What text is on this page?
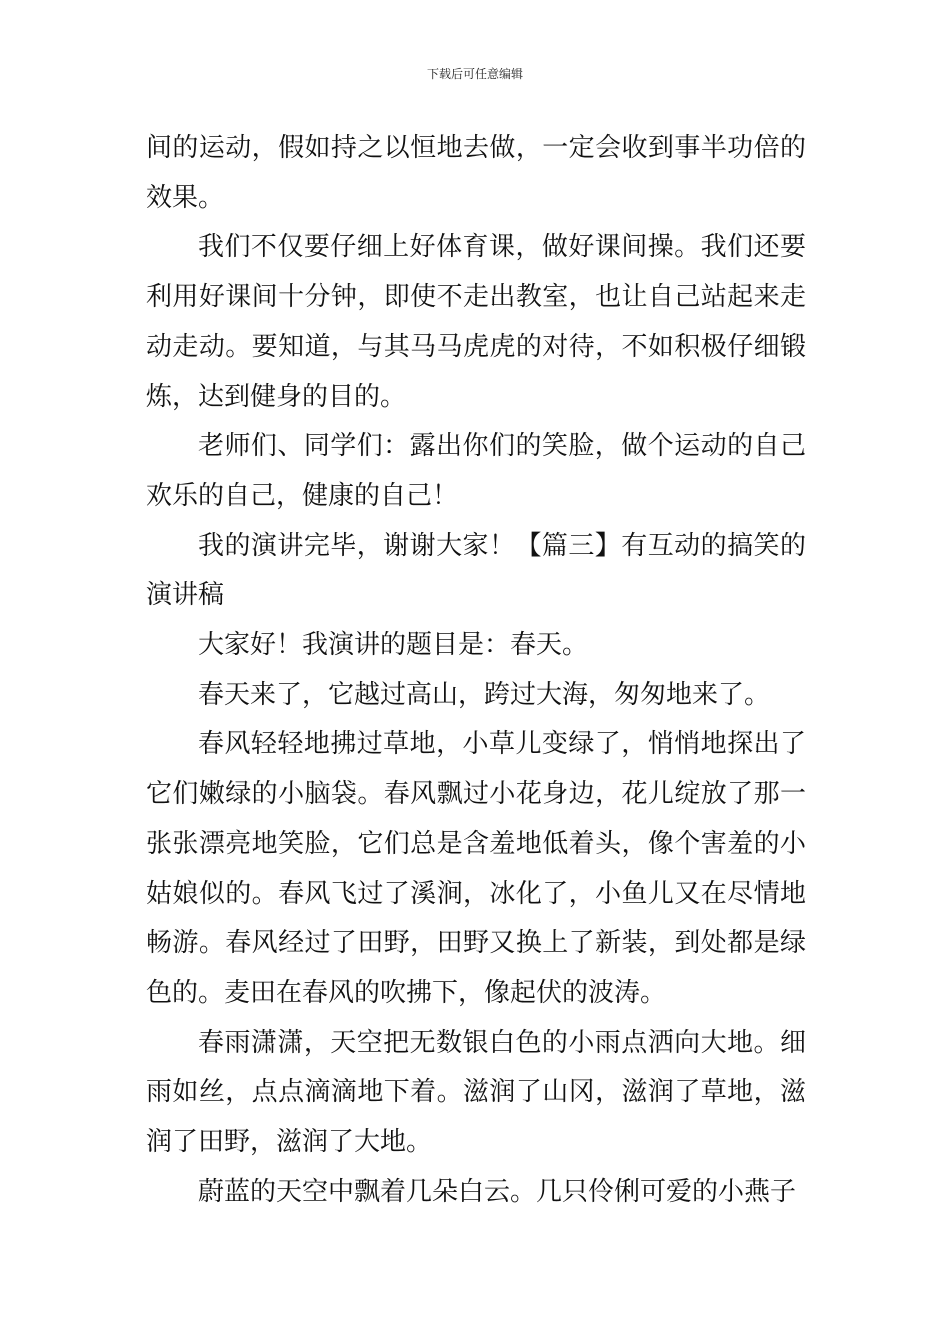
下载后可任意编辑

间的运动，假如持之以恒地去做，一定会收到事半功倍的效果。

我们不仅要仔细上好体育课，做好课间操。我们还要利用好课间十分钟，即使不走出教室，也让自己站起来走动走动。要知道，与其马马虎虎的对待，不如积极仔细锻炼，达到健身的目的。

老师们、同学们：露出你们的笑脸，做个运动的自己欢乐的自己，健康的自己！

我的演讲完毕，谢谢大家！【篇三】有互动的搞笑的演讲稿

大家好！我演讲的题目是：春天。

春天来了，它越过高山，跨过大海，匆匆地来了。

春风轻轻地拂过草地，小草儿变绿了，悄悄地探出了它们嫩绿的小脑袋。春风飘过小花身边，花儿绽放了那一张张漂亮地笑脸，它们总是含羞地低着头，像个害羞的小姑娘似的。春风飞过了溪涧，冰化了，小鱼儿又在尽情地畅游。春风经过了田野，田野又换上了新装，到处都是绿色的。麦田在春风的吹拂下，像起伏的波涛。

春雨潇潇，天空把无数银白色的小雨点洒向大地。细雨如丝，点点滴滴地下着。滋润了山冈，滋润了草地，滋润了田野，滋润了大地。

蔚蓝的天空中飘着几朵白云。几只伶俐可爱的小燕子
